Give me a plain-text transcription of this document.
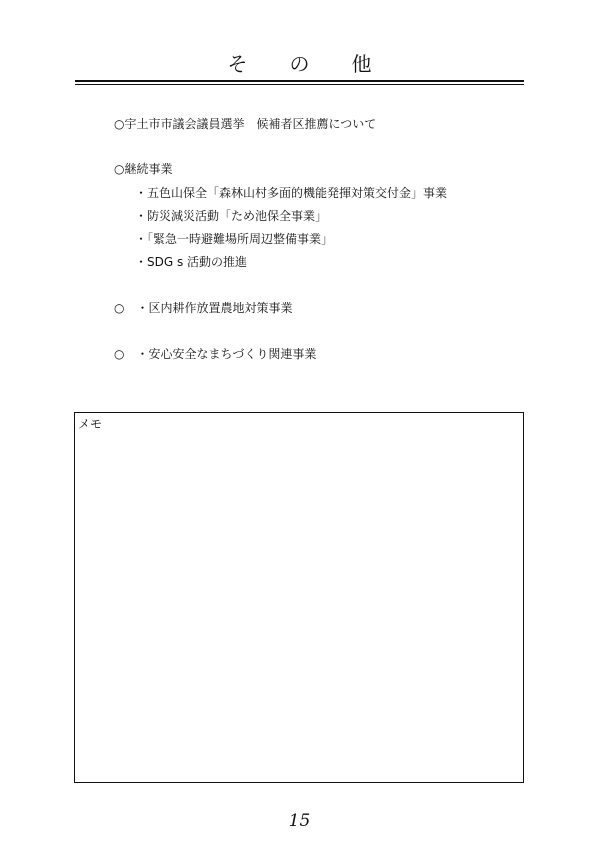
そ　の　他
○宇土市市議会議員選挙　候補者区推薦について
○継続事業
・五色山保全「森林山村多面的機能発揮対策交付金」事業
・防災減災活動「ため池保全事業」
・「緊急一時避難場所周辺整備事業」
・SDG s 活動の推進
○　・区内耕作放置農地対策事業
○　・安心安全なまちづくり関連事業
メモ
15
